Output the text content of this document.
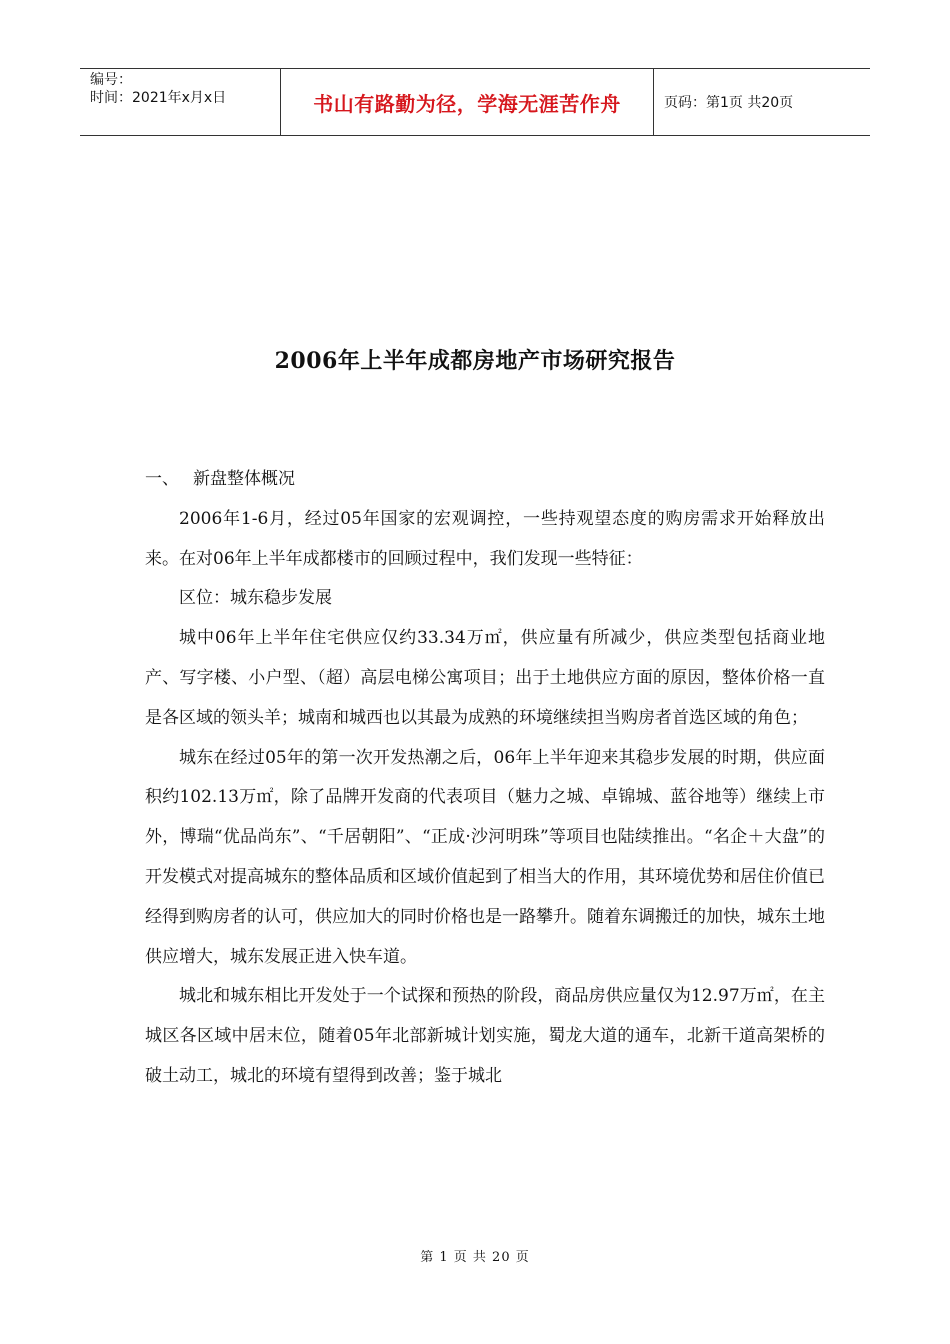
编号：
时间：2021年x月x日	书山有路勤为径，学海无涯苦作舟	页码：第1页 共20页
2006年上半年成都房地产市场研究报告

一、 新盘整体概况

2006年1-6月，经过05年国家的宏观调控，一些持观望态度的购房需求开始释放出来。在对06年上半年成都楼市的回顾过程中，我们发现一些特征：

区位：城东稳步发展

城中06年上半年住宅供应仅约33.34万㎡，供应量有所减少，供应类型包括商业地产、写字楼、小户型、（超）高层电梯公寓项目；出于土地供应方面的原因，整体价格一直是各区域的领头羊；城南和城西也以其最为成熟的环境继续担当购房者首选区域的角色；

城东在经过05年的第一次开发热潮之后，06年上半年迎来其稳步发展的时期，供应面积约102.13万㎡，除了品牌开发商的代表项目（魅力之城、卓锦城、蓝谷地等）继续上市外，博瑞“优品尚东”、“千居朝阳”、“正成·沙河明珠”等项目也陆续推出。“名企＋大盘”的开发模式对提高城东的整体品质和区域价值起到了相当大的作用，其环境优势和居住价值已经得到购房者的认可，供应加大的同时价格也是一路攀升。随着东调搬迁的加快，城东土地供应增大，城东发展正进入快车道。

城北和城东相比开发处于一个试探和预热的阶段，商品房供应量仅为12.97万㎡，在主城区各区域中居末位，随着05年北部新城计划实施，蜀龙大道的通车，北新干道高架桥的破土动工，城北的环境有望得到改善；鉴于城北

第 1 页 共 20 页
